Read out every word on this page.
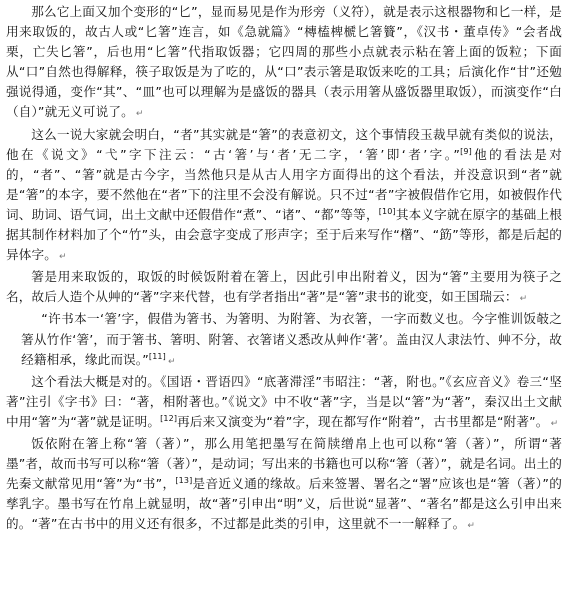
那么它上面又加个变形的“匕”，显而易见是作为形旁（义符），就是表示这根器物和匕一样，是用来取饭的，故古人或“匕箸”连言，如《急就篇》“槫榼椑榹匕箸籫”，《汉书・董卓传》“会者战栗，亡失匕箸”，后也用“匕箸”代指取饭器；它四周的那些小点就表示粘在箸上面的饭粒；下面从“口”自然也得解释，筷子取饭是为了吃的，从“口”表示箸是取饭来吃的工具；后演化作“甘”还勉强说得通，变作“其”、“皿”也可以理解为是盛饭的器具（表示用箸从盛饭器里取饭），而演变作“白（自）”就无义可说了。 ↵

这么一说大家就会明白，“者”其实就是“箸”的表意初文，这个事情段玉裁早就有类似的说法，他在《说文》“弋”字下注云：“古‘箸’与‘者’无二字，‘箸’即‘者’字。”[9]他的看法是对的，“者”、“箸”就是古今字，当然他只是从古人用字方面得出的这个看法，并没意识到“者”就是“箸”的本字，要不然他在“者”下的注里不会没有解说。只不过“者”字被假借作它用，如被假作代词、助词、语气词，出土文献中还假借作“煮”、“诸”、“都”等等，[10]其本义字就在原字的基础上根据其制作材料加了个“竹”头，由会意字变成了形声字；至于后来写作“櫡”、“筯”等形，都是后起的异体字。 ↵

箸是用来取饭的，取饭的时候饭附着在箸上，因此引申出附着义，因为“箸”主要用为筷子之名，故后人造个从艸的“著”字来代替，也有学者指出“著”是“箸”隶书的讹变，如王国瑞云： ↵

“许书本一‘箸’字，假借为箸书、为箸明、为附箸、为衣箸，一字而数义也。今字惟训饭攲之箸从竹作‘箸’，而于箸书、箸明、附箸、衣箸诸义悉改从艸作‘著’。盖由汉人隶法竹、艸不分，故经籍相承，缘此而误。”[11]↵

这个看法大概是对的。《国语・晋语四》“底著滞淫”韦昭注：“著，附也。”《玄应音义》卷三“坚著”注引《字书》曰：“著，相附著也。”《说文》中不收“著”字，当是以“箸”为“著”，秦汉出土文献中用“箸”为“著”就是证明。[12]再后来又演变为“着”字，现在都写作“附着”，古书里都是“附著”。 ↵

饭依附在箸上称“箸（著）”，那么用笔把墨写在简牍缯帛上也可以称“箸（著）”，所谓“著墨”者，故而书写可以称“箸（著）”，是动词；写出来的书籍也可以称“箸（著）”，就是名词。出土的先秦文献常见用“箸”为“书”，[13]是音近义通的缘故。后来签署、署名之“署”应该也是“箸（著）”的孳乳字。墨书写在竹帛上就显明，故“著”引申出“明”义，后世说“显著”、“著名”都是这么引申出来的。“著”在古书中的用义还有很多，不过都是此类的引申，这里就不一一解释了。 ↵
